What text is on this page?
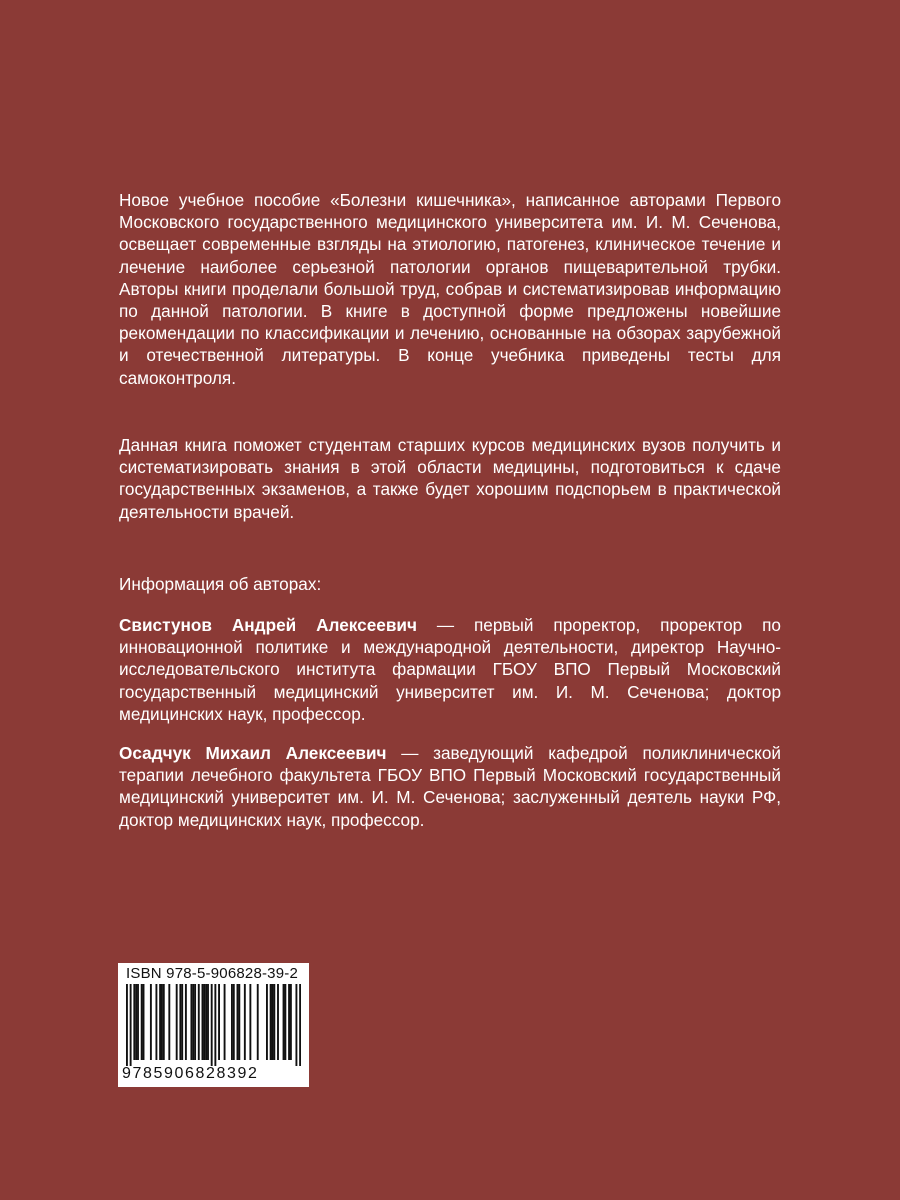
Новое учебное пособие «Болезни кишечника», написанное авторами Первого Московского государственного медицинского университета им. И. М. Сеченова, освещает современные взгляды на этиологию, патогенез, клиническое течение и лечение наиболее серьезной патологии органов пищеварительной трубки. Авторы книги проделали большой труд, собрав и систематизировав информацию по данной патологии. В книге в доступной форме предложены новейшие рекомендации по классификации и лечению, основанные на обзорах зарубежной и отечественной литературы. В конце учебника приведены тесты для самоконтроля.

Данная книга поможет студентам старших курсов медицинских вузов получить и систематизировать знания в этой области медицины, подготовиться к сдаче государственных экзаменов, а также будет хорошим подспорьем в практической деятельности врачей.

Информация об авторах:

Свистунов Андрей Алексеевич — первый проректор, проректор по инновационной политике и международной деятельности, директор Научно-исследовательского института фармации ГБОУ ВПО Первый Московский государственный медицинский университет им. И. М. Сеченова; доктор медицинских наук, профессор.

Осадчук Михаил Алексеевич — заведующий кафедрой поликлинической терапии лечебного факультета ГБОУ ВПО Первый Московский государственный медицинский университет им. И. М. Сеченова; заслуженный деятель науки РФ, доктор медицинских наук, профессор.

ISBN 978-5-906828-39-2
9785906828392
